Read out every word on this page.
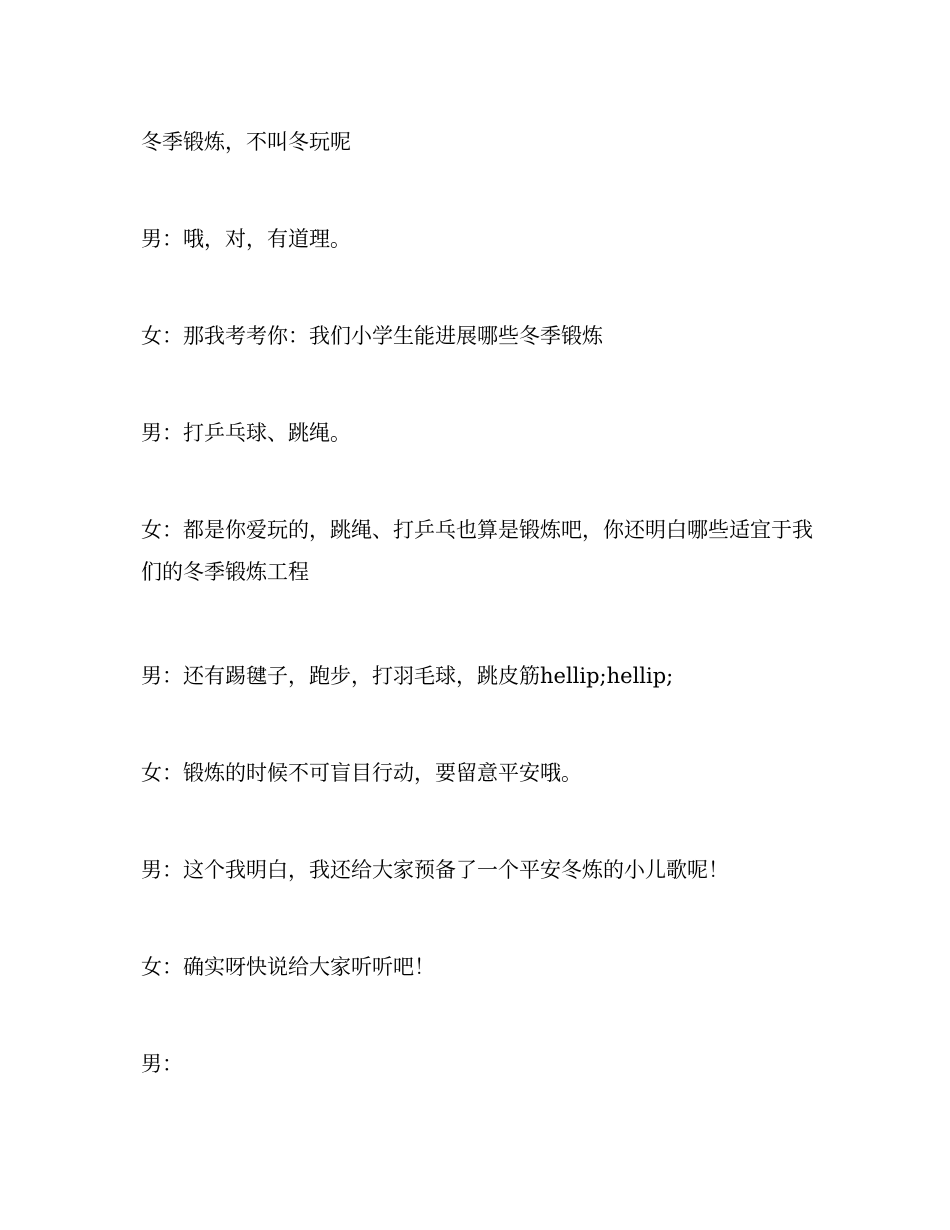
冬季锻炼，不叫冬玩呢

男：哦，对，有道理。

女：那我考考你：我们小学生能进展哪些冬季锻炼

男：打乒乓球、跳绳。

女：都是你爱玩的，跳绳、打乒乓也算是锻炼吧，你还明白哪些适宜于我们的冬季锻炼工程

男：还有踢毽子，跑步，打羽毛球，跳皮筋hellip;hellip;

女：锻炼的时候不可盲目行动，要留意平安哦。

男：这个我明白，我还给大家预备了一个平安冬炼的小儿歌呢！

女：确实呀快说给大家听听吧！

男：
